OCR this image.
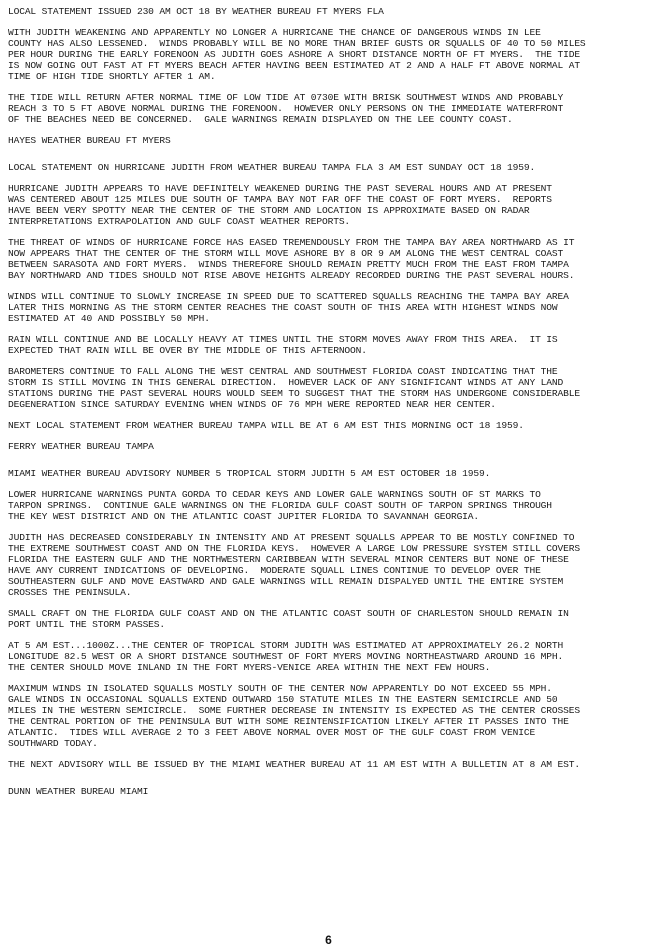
LOCAL STATEMENT ISSUED 230 AM OCT 18 BY WEATHER BUREAU FT MYERS FLA

WITH JUDITH WEAKENING AND APPARENTLY NO LONGER A HURRICANE THE CHANCE OF DANGEROUS WINDS IN LEE
COUNTY HAS ALSO LESSENED.  WINDS PROBABLY WILL BE NO MORE THAN BRIEF GUSTS OR SQUALLS OF 40 TO 50 MILES
PER HOUR DURING THE EARLY FORENOON AS JUDITH GOES ASHORE A SHORT DISTANCE NORTH OF FT MYERS.  THE TIDE
IS NOW GOING OUT FAST AT FT MYERS BEACH AFTER HAVING BEEN ESTIMATED AT 2 AND A HALF FT ABOVE NORMAL AT
TIME OF HIGH TIDE SHORTLY AFTER 1 AM.

THE TIDE WILL RETURN AFTER NORMAL TIME OF LOW TIDE AT 0730E WITH BRISK SOUTHWEST WINDS AND PROBABLY
REACH 3 TO 5 FT ABOVE NORMAL DURING THE FORENOON.  HOWEVER ONLY PERSONS ON THE IMMEDIATE WATERFRONT
OF THE BEACHES NEED BE CONCERNED.  GALE WARNINGS REMAIN DISPLAYED ON THE LEE COUNTY COAST.

HAYES WEATHER BUREAU FT MYERS

LOCAL STATEMENT ON HURRICANE JUDITH FROM WEATHER BUREAU TAMPA FLA 3 AM EST SUNDAY OCT 18 1959.

HURRICANE JUDITH APPEARS TO HAVE DEFINITELY WEAKENED DURING THE PAST SEVERAL HOURS AND AT PRESENT
WAS CENTERED ABOUT 125 MILES DUE SOUTH OF TAMPA BAY NOT FAR OFF THE COAST OF FORT MYERS.  REPORTS
HAVE BEEN VERY SPOTTY NEAR THE CENTER OF THE STORM AND LOCATION IS APPROXIMATE BASED ON RADAR
INTERPRETATIONS EXTRAPOLATION AND GULF COAST WEATHER REPORTS.

THE THREAT OF WINDS OF HURRICANE FORCE HAS EASED TREMENDOUSLY FROM THE TAMPA BAY AREA NORTHWARD AS IT
NOW APPEARS THAT THE CENTER OF THE STORM WILL MOVE ASHORE BY 8 OR 9 AM ALONG THE WEST CENTRAL COAST
BETWEEN SARASOTA AND FORT MYERS.  WINDS THEREFORE SHOULD REMAIN PRETTY MUCH FROM THE EAST FROM TAMPA
BAY NORTHWARD AND TIDES SHOULD NOT RISE ABOVE HEIGHTS ALREADY RECORDED DURING THE PAST SEVERAL HOURS.

WINDS WILL CONTINUE TO SLOWLY INCREASE IN SPEED DUE TO SCATTERED SQUALLS REACHING THE TAMPA BAY AREA
LATER THIS MORNING AS THE STORM CENTER REACHES THE COAST SOUTH OF THIS AREA WITH HIGHEST WINDS NOW
ESTIMATED AT 40 AND POSSIBLY 50 MPH.

RAIN WILL CONTINUE AND BE LOCALLY HEAVY AT TIMES UNTIL THE STORM MOVES AWAY FROM THIS AREA.  IT IS
EXPECTED THAT RAIN WILL BE OVER BY THE MIDDLE OF THIS AFTERNOON.

BAROMETERS CONTINUE TO FALL ALONG THE WEST CENTRAL AND SOUTHWEST FLORIDA COAST INDICATING THAT THE
STORM IS STILL MOVING IN THIS GENERAL DIRECTION.  HOWEVER LACK OF ANY SIGNIFICANT WINDS AT ANY LAND
STATIONS DURING THE PAST SEVERAL HOURS WOULD SEEM TO SUGGEST THAT THE STORM HAS UNDERGONE CONSIDERABLE
DEGENERATION SINCE SATURDAY EVENING WHEN WINDS OF 76 MPH WERE REPORTED NEAR HER CENTER.

NEXT LOCAL STATEMENT FROM WEATHER BUREAU TAMPA WILL BE AT 6 AM EST THIS MORNING OCT 18 1959.

FERRY WEATHER BUREAU TAMPA

MIAMI WEATHER BUREAU ADVISORY NUMBER 5 TROPICAL STORM JUDITH 5 AM EST OCTOBER 18 1959.

LOWER HURRICANE WARNINGS PUNTA GORDA TO CEDAR KEYS AND LOWER GALE WARNINGS SOUTH OF ST MARKS TO
TARPON SPRINGS.  CONTINUE GALE WARNINGS ON THE FLORIDA GULF COAST SOUTH OF TARPON SPRINGS THROUGH
THE KEY WEST DISTRICT AND ON THE ATLANTIC COAST JUPITER FLORIDA TO SAVANNAH GEORGIA.

JUDITH HAS DECREASED CONSIDERABLY IN INTENSITY AND AT PRESENT SQUALLS APPEAR TO BE MOSTLY CONFINED TO
THE EXTREME SOUTHWEST COAST AND ON THE FLORIDA KEYS.  HOWEVER A LARGE LOW PRESSURE SYSTEM STILL COVERS
FLORIDA THE EASTERN GULF AND THE NORTHWESTERN CARIBBEAN WITH SEVERAL MINOR CENTERS BUT NONE OF THESE
HAVE ANY CURRENT INDICATIONS OF DEVELOPING.  MODERATE SQUALL LINES CONTINUE TO DEVELOP OVER THE
SOUTHEASTERN GULF AND MOVE EASTWARD AND GALE WARNINGS WILL REMAIN DISPALYED UNTIL THE ENTIRE SYSTEM
CROSSES THE PENINSULA.

SMALL CRAFT ON THE FLORIDA GULF COAST AND ON THE ATLANTIC COAST SOUTH OF CHARLESTON SHOULD REMAIN IN
PORT UNTIL THE STORM PASSES.

AT 5 AM EST...1000Z...THE CENTER OF TROPICAL STORM JUDITH WAS ESTIMATED AT APPROXIMATELY 26.2 NORTH
LONGITUDE 82.5 WEST OR A SHORT DISTANCE SOUTHWEST OF FORT MYERS MOVING NORTHEASTWARD AROUND 16 MPH.
THE CENTER SHOULD MOVE INLAND IN THE FORT MYERS-VENICE AREA WITHIN THE NEXT FEW HOURS.

MAXIMUM WINDS IN ISOLATED SQUALLS MOSTLY SOUTH OF THE CENTER NOW APPARENTLY DO NOT EXCEED 55 MPH.
GALE WINDS IN OCCASIONAL SQUALLS EXTEND OUTWARD 150 STATUTE MILES IN THE EASTERN SEMICIRCLE AND 50
MILES IN THE WESTERN SEMICIRCLE.  SOME FURTHER DECREASE IN INTENSITY IS EXPECTED AS THE CENTER CROSSES
THE CENTRAL PORTION OF THE PENINSULA BUT WITH SOME REINTENSIFICATION LIKELY AFTER IT PASSES INTO THE
ATLANTIC.  TIDES WILL AVERAGE 2 TO 3 FEET ABOVE NORMAL OVER MOST OF THE GULF COAST FROM VENICE
SOUTHWARD TODAY.

THE NEXT ADVISORY WILL BE ISSUED BY THE MIAMI WEATHER BUREAU AT 11 AM EST WITH A BULLETIN AT 8 AM EST.

DUNN WEATHER BUREAU MIAMI

6
